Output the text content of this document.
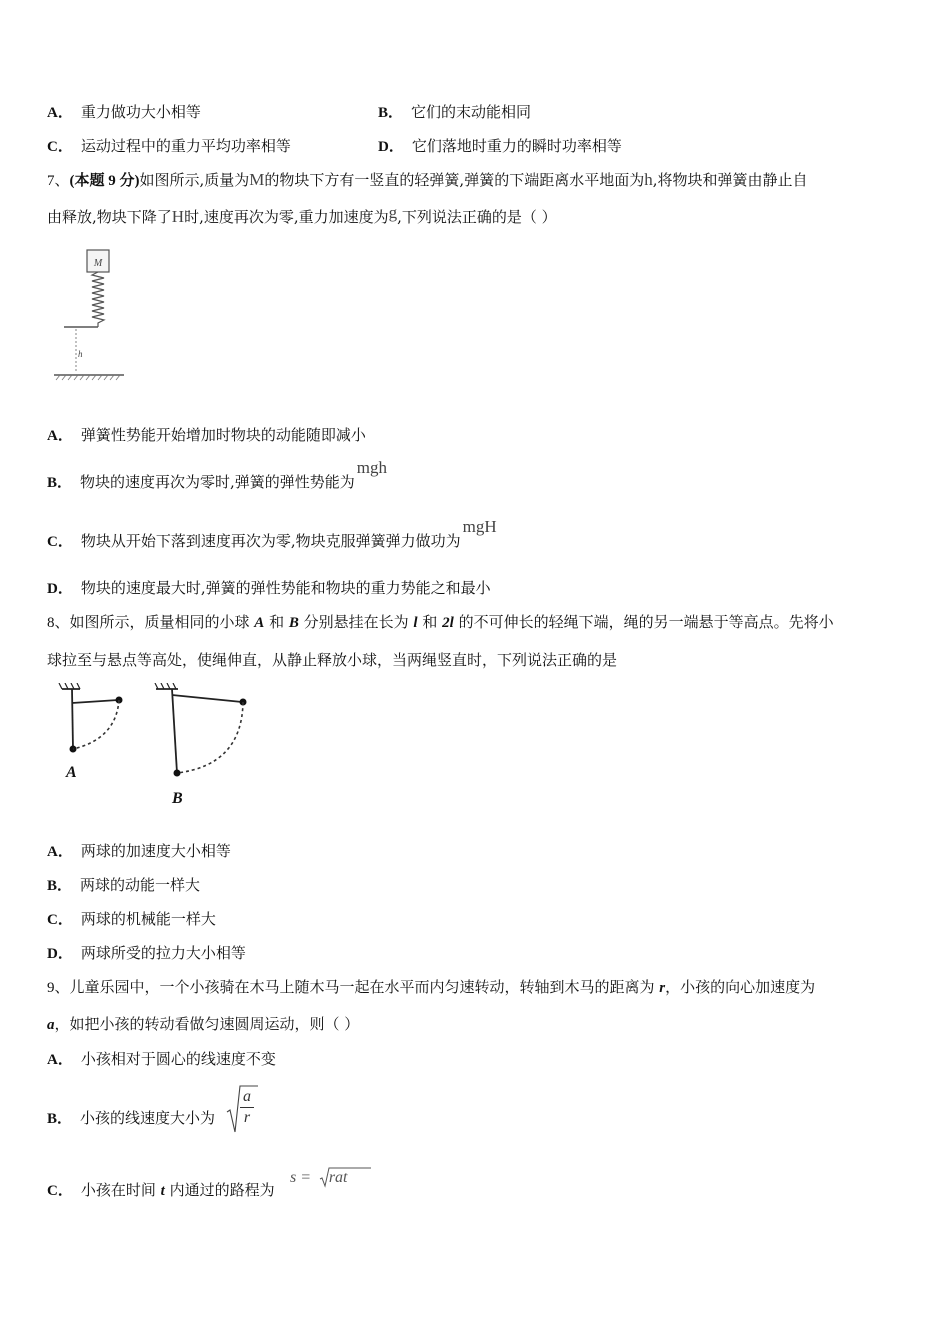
A． 重力做功大小相等	B． 它们的末动能相同
C． 运动过程中的重力平均功率相等	D． 它们落地时重力的瞬时功率相等
7、(本题 9 分)如图所示,质量为M的物块下方有一竖直的轻弹簧,弹簧的下端距离水平地面为h,将物块和弹簧由静止自
由释放,物块下降了H时,速度再次为零,重力加速度为g,下列说法正确的是（ ）
M
h
A． 弹簧性势能开始增加时物块的动能随即减小
B． 物块的速度再次为零时,弹簧的弹性势能为mgh
C． 物块从开始下落到速度再次为零,物块克服弹簧弹力做功为mgH
D． 物块的速度最大时,弹簧的弹性势能和物块的重力势能之和最小
8、如图所示，质量相同的小球 A 和 B 分别悬挂在长为 l 和 2l 的不可伸长的轻绳下端，绳的另一端悬于等高点。先将小
球拉至与悬点等高处，使绳伸直，从静止释放小球，当两绳竖直时，下列说法正确的是
A
B
A． 两球的加速度大小相等
B． 两球的动能一样大
C． 两球的机械能一样大
D． 两球所受的拉力大小相等
9、儿童乐园中，一个小孩骑在木马上随木马一起在水平而内匀速转动，转轴到木马的距离为 r，小孩的向心加速度为
a，如把小孩的转动看做匀速圆周运动，则（ ）
A． 小孩相对于圆心的线速度不变
B． 小孩的线速度大小为 $\frac{a}{r}$
C． 小孩在时间 t 内通过的路程为
s = rat
